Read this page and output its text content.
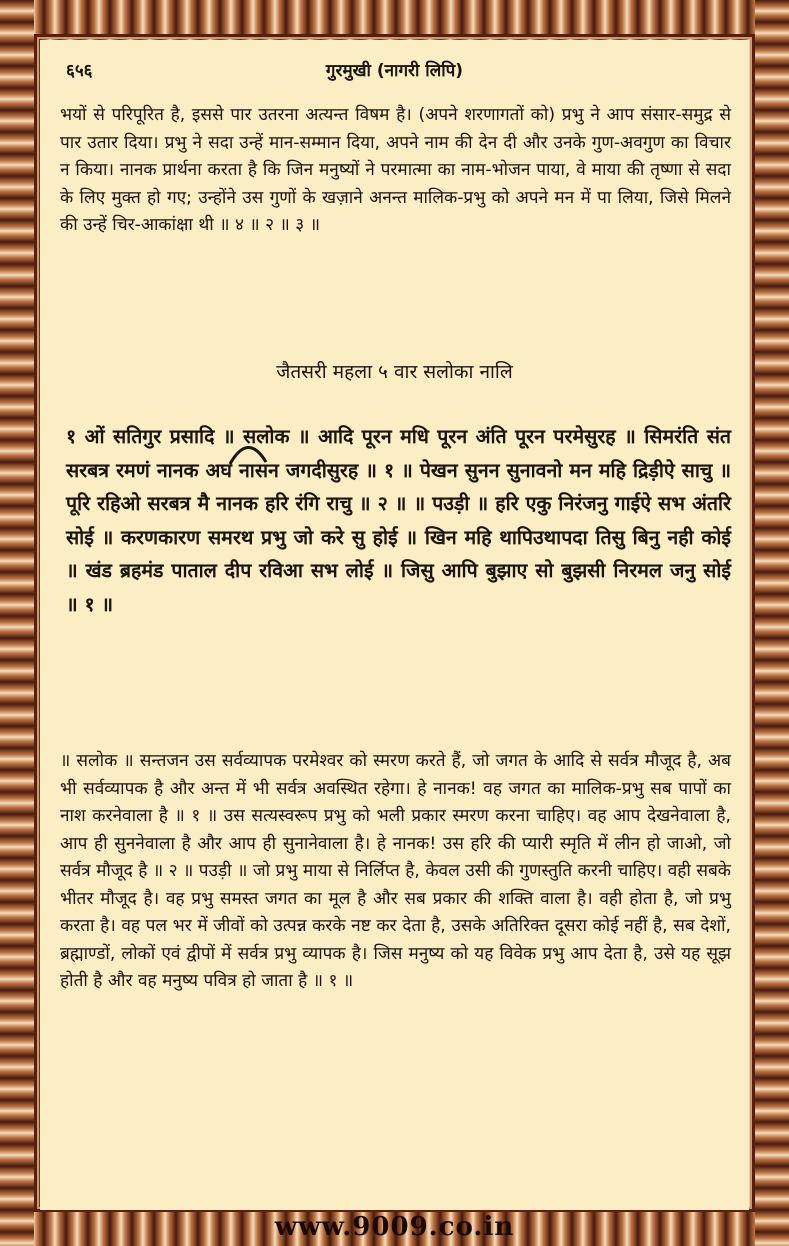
६५६	गुरमुखी (नागरी लिपि)
भयों से परिपूरित है, इससे पार उतरना अत्यन्त विषम है। (अपने शरणागतों को) प्रभु ने आप संसार-समुद्र से पार उतार दिया। प्रभु ने सदा उन्हें मान-सम्मान दिया, अपने नाम की देन दी और उनके गुण-अवगुण का विचार न किया। नानक प्रार्थना करता है कि जिन मनुष्यों ने परमात्मा का नाम-भोजन पाया, वे माया की तृष्णा से सदा के लिए मुक्त हो गए; उन्होंने उस गुणों के खज़ाने अनन्त मालिक-प्रभु को अपने मन में पा लिया, जिसे मिलने की उन्हें चिर-आकांक्षा थी ॥ ४ ॥ २ ॥ ३ ॥
जैतसरी महला ५ वार सलोका नालि
१ ओं सतिगुर प्रसादि ॥ सलोक ॥ आदि पूरन मधि पूरन अंति पूरन परमेसुरह ॥ सिमरंति संत सरबत्र रमणं नानक अघ नासन जगदीसुरह ॥ १ ॥ पेखन सुनन सुनावनो मन महि द्रिड़ीऐ साचु ॥ पूरि रहिओ सरबत्र मै नानक हरि रंगि राचु ॥ २ ॥ ॥ पउड़ी ॥ हरि एकु निरंजनु गाईऐ सभ अंतरि सोई ॥ करणकारण समरथ प्रभु जो करे सु होई ॥ खिन महि थापिउथापदा तिसु बिनु नही कोई ॥ खंड ब्रहमंड पाताल दीप रविआ सभ लोई ॥ जिसु आपि बुझाए सो बुझसी निरमल जनु सोई ॥ १ ॥
॥ सलोक ॥ सन्तजन उस सर्वव्यापक परमेश्वर को स्मरण करते हैं, जो जगत के आदि से सर्वत्र मौजूद है, अब भी सर्वव्यापक है और अन्त में भी सर्वत्र अवस्थित रहेगा। हे नानक! वह जगत का मालिक-प्रभु सब पापों का नाश करनेवाला है ॥ १ ॥ उस सत्यस्वरूप प्रभु को भली प्रकार स्मरण करना चाहिए। वह आप देखनेवाला है, आप ही सुननेवाला है और आप ही सुनानेवाला है। हे नानक! उस हरि की प्यारी स्मृति में लीन हो जाओ, जो सर्वत्र मौजूद है ॥ २ ॥ पउड़ी ॥ जो प्रभु माया से निर्लिप्त है, केवल उसी की गुणस्तुति करनी चाहिए। वही सबके भीतर मौजूद है। वह प्रभु समस्त जगत का मूल है और सब प्रकार की शक्ति वाला है। वही होता है, जो प्रभु करता है। वह पल भर में जीवों को उत्पन्न करके नष्ट कर देता है, उसके अतिरिक्त दूसरा कोई नहीं है, सब देशों, ब्रह्माण्डों, लोकों एवं द्वीपों में सर्वत्र प्रभु व्यापक है। जिस मनुष्य को यह विवेक प्रभु आप देता है, उसे यह सूझ होती है और वह मनुष्य पवित्र हो जाता है ॥ १ ॥
www.9009.co.in
